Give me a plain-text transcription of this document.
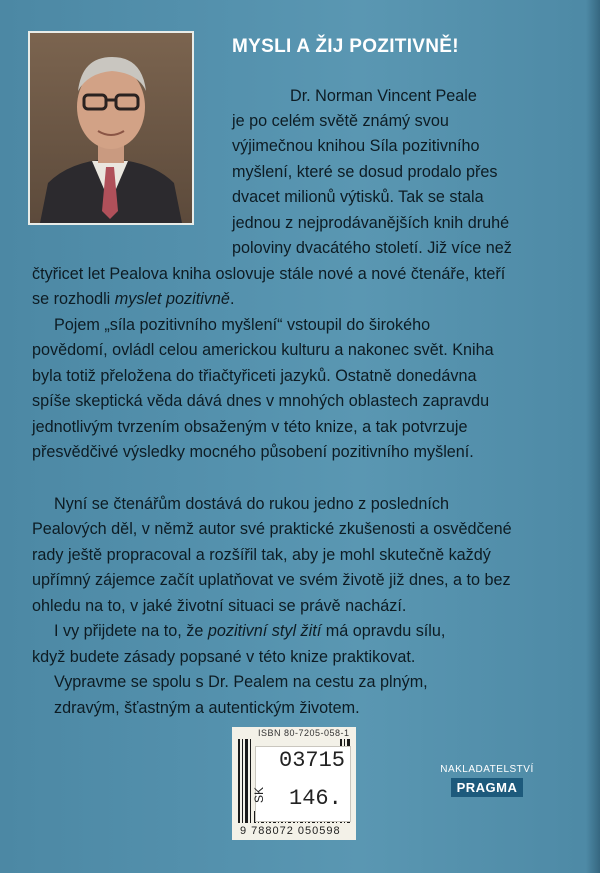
MYSLI A ŽIJ POZITIVNĚ!
Dr. Norman Vincent Peale
je po celém světě známý svou
výjimečnou knihou Síla pozitivního
myšlení, které se dosud prodalo přes
dvacet milionů výtisků. Tak se stala
jednou z nejprodávanějších knih druhé
poloviny dvacátého století. Již více než
čtyřicet let Pealova kniha oslovuje stále nové a nové čtenáře, kteří
se rozhodli myslet pozitivně.
Pojem „síla pozitivního myšlení“ vstoupil do širokého
povědomí, ovládl celou americkou kulturu a nakonec svět. Kniha
byla totiž přeložena do třiačtyřiceti jazyků. Ostatně donedávna
spíše skeptická věda dává dnes v mnohých oblastech zapravdu
jednotlivým tvrzením obsaženým v této knize, a tak potvrzuje
přesvědčivé výsledky mocného působení pozitivního myšlení.
Nyní se čtenářům dostává do rukou jedno z posledních
Pealových děl, v němž autor své praktické zkušenosti a osvědčené
rady ještě propracoval a rozšířil tak, aby je mohl skutečně každý
upřímný zájemce začít uplatňovat ve svém životě již dnes, a to bez
ohledu na to, v jaké životní situaci se právě nachází.
I vy přijdete na to, že pozitivní styl žití má opravdu sílu,
když budete zásady popsané v této knize praktikovat.
Vypravme se spolu s Dr. Pealem na cestu za plným,
zdravým, šťastným a autentickým životem.
ISBN 80-7205-058-1
03715
146.
SK
9 788072 050598
NAKLADATELSTVÍ
PRAGMA
